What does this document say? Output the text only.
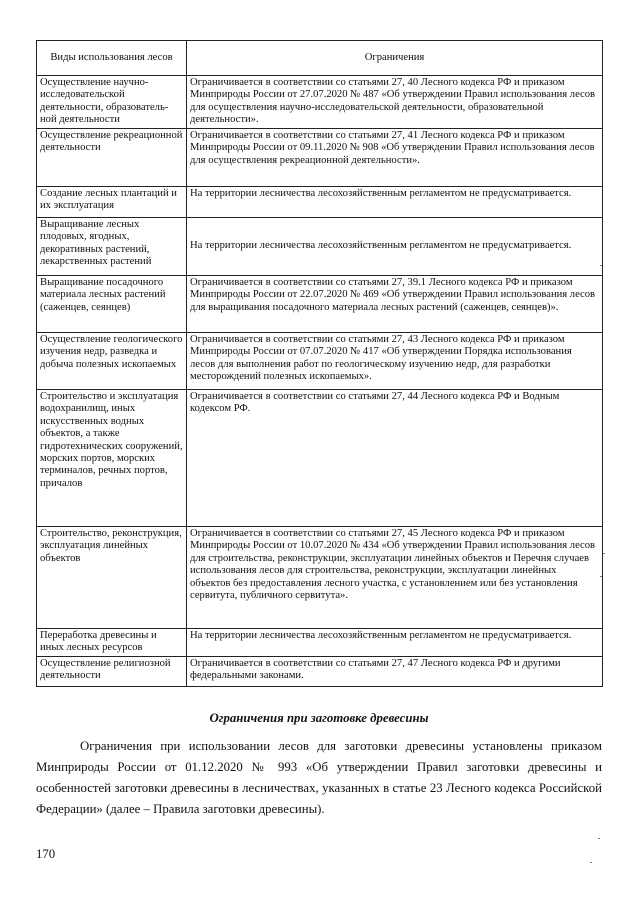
Виды использования лесов	Ограничения

Осуществление научно-исследовательской деятельности, образователь-ной деятельности	Ограничивается в соответствии со статьями 27, 40 Лесного кодекса РФ и приказом Минприроды России от 27.07.2020 № 487 «Об утверждении Правил использования лесов для осуществления научно-исследовательской деятельности, образовательной деятельности».

Осуществление рекреационной деятельности	Ограничивается в соответствии со статьями 27, 41 Лесного кодекса РФ и приказом Минприроды России от 09.11.2020 № 908 «Об утверждении Правил использования лесов для осуществления рекреационной деятельности».

Создание лесных плантаций и их эксплуатация	На территории лесничества лесохозяйственным регламентом не предусматривается.

Выращивание лесных плодовых, ягодных, декоративных растений, лекарственных растений	На территории лесничества лесохозяйственным регламентом не предусматривается.

Выращивание посадочного материала лесных растений (саженцев, сеянцев)	Ограничивается в соответствии со статьями 27, 39.1 Лесного кодекса РФ и приказом Минприроды России от 22.07.2020 № 469 «Об утверждении Правил использования лесов для выращивания посадочного материала лесных растений (саженцев, сеянцев)».

Осуществление геологического изучения недр, разведка и добыча полезных ископаемых	Ограничивается в соответствии со статьями 27, 43 Лесного кодекса РФ и приказом Минприроды России от 07.07.2020 № 417 «Об утверждении Порядка использования лесов для выполнения работ по геологическому изучению недр, для разработки месторождений полезных ископаемых».

Строительство и эксплуатация водохранилищ, иных искусственных водных объектов, а также гидротехнических сооружений, морских портов, морских терминалов, речных портов, причалов	Ограничивается в соответствии со статьями 27, 44 Лесного кодекса РФ и Водным кодексом РФ.

Строительство, реконструкция, эксплуатация линейных объектов	Ограничивается в соответствии со статьями 27, 45 Лесного кодекса РФ и приказом Минприроды России от 10.07.2020 № 434 «Об утверждении Правил использования лесов для строительства, реконструкции, эксплуатации линейных объектов и Перечня случаев использования лесов для строительства, реконструкции, эксплуатации линейных объектов без предоставления лесного участка, с установлением или без установления сервитута, публичного сервитута».

Переработка древесины и иных лесных ресурсов	На территории лесничества лесохозяйственным регламентом не предусматривается.

Осуществление религиозной деятельности	Ограничивается в соответствии со статьями 27, 47 Лесного кодекса РФ и другими федеральными законами.
Ограничения при заготовке древесины

Ограничения при использовании лесов для заготовки древесины установлены приказом Минприроды России от 01.12.2020 № 993 «Об утверждении Правил заготовки древесины и особенностей заготовки древесины в лесничествах, указанных в статье 23 Лесного кодекса Российской Федерации» (далее – Правила заготовки древесины).

170
